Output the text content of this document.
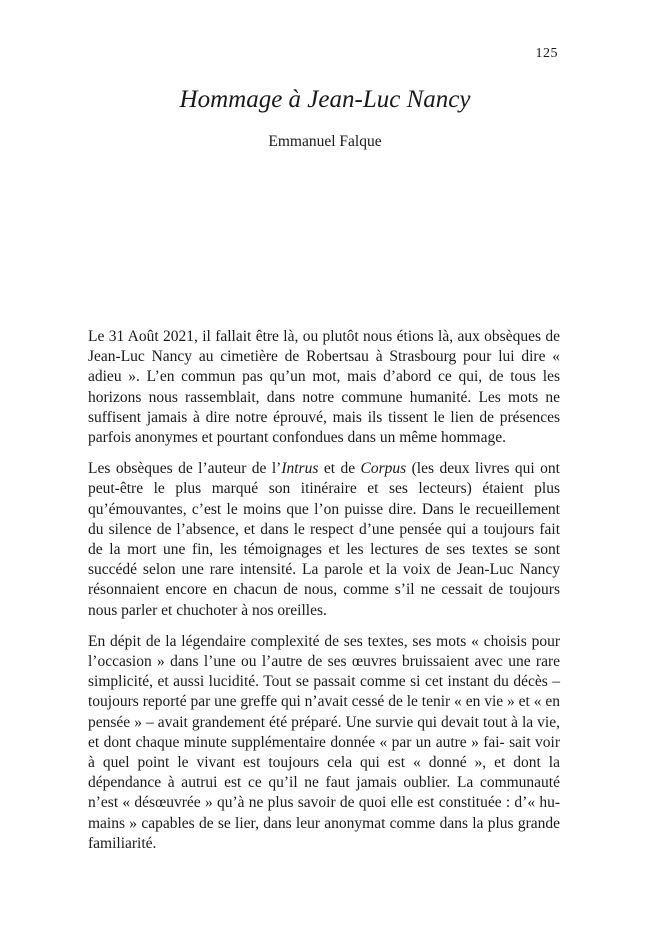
125
Hommage à Jean-Luc Nancy
Emmanuel Falque

Le 31 Août 2021, il fallait être là, ou plutôt nous étions là, aux obsèques de Jean-Luc Nancy au cimetière de Robertsau à Strasbourg pour lui dire « adieu ». L’en commun pas qu’un mot, mais d’abord ce qui, de tous les horizons nous rassemblait, dans notre commune humanité. Les mots ne suffisent jamais à dire notre éprouvé, mais ils tissent le lien de présences parfois anonymes et pourtant confondues dans un même hommage.

Les obsèques de l’auteur de l’Intrus et de Corpus (les deux livres qui ont peut-être le plus marqué son itinéraire et ses lecteurs) étaient plus qu’émouvantes, c’est le moins que l’on puisse dire. Dans le recueillement du silence de l’absence, et dans le respect d’une pensée qui a toujours fait de la mort une fin, les témoignages et les lectures de ses textes se sont succédé selon une rare intensité. La parole et la voix de Jean-Luc Nancy résonnaient encore en chacun de nous, comme s’il ne cessait de toujours nous parler et chuchoter à nos oreilles.

En dépit de la légendaire complexité de ses textes, ses mots « choisis pour l’occasion » dans l’une ou l’autre de ses œuvres bruissaient avec une rare simplicité, et aussi lucidité. Tout se passait comme si cet instant du décès – toujours reporté par une greffe qui n’avait cessé de le tenir « en vie » et « en pensée » – avait grandement été préparé. Une survie qui devait tout à la vie, et dont chaque minute supplémentaire donnée « par un autre » fai- sait voir à quel point le vivant est toujours cela qui est « donné », et dont la dépendance à autrui est ce qu’il ne faut jamais oublier. La communauté n’est « désœuvrée » qu’à ne plus savoir de quoi elle est constituée : d’« hu- mains » capables de se lier, dans leur anonymat comme dans la plus grande familiarité.
